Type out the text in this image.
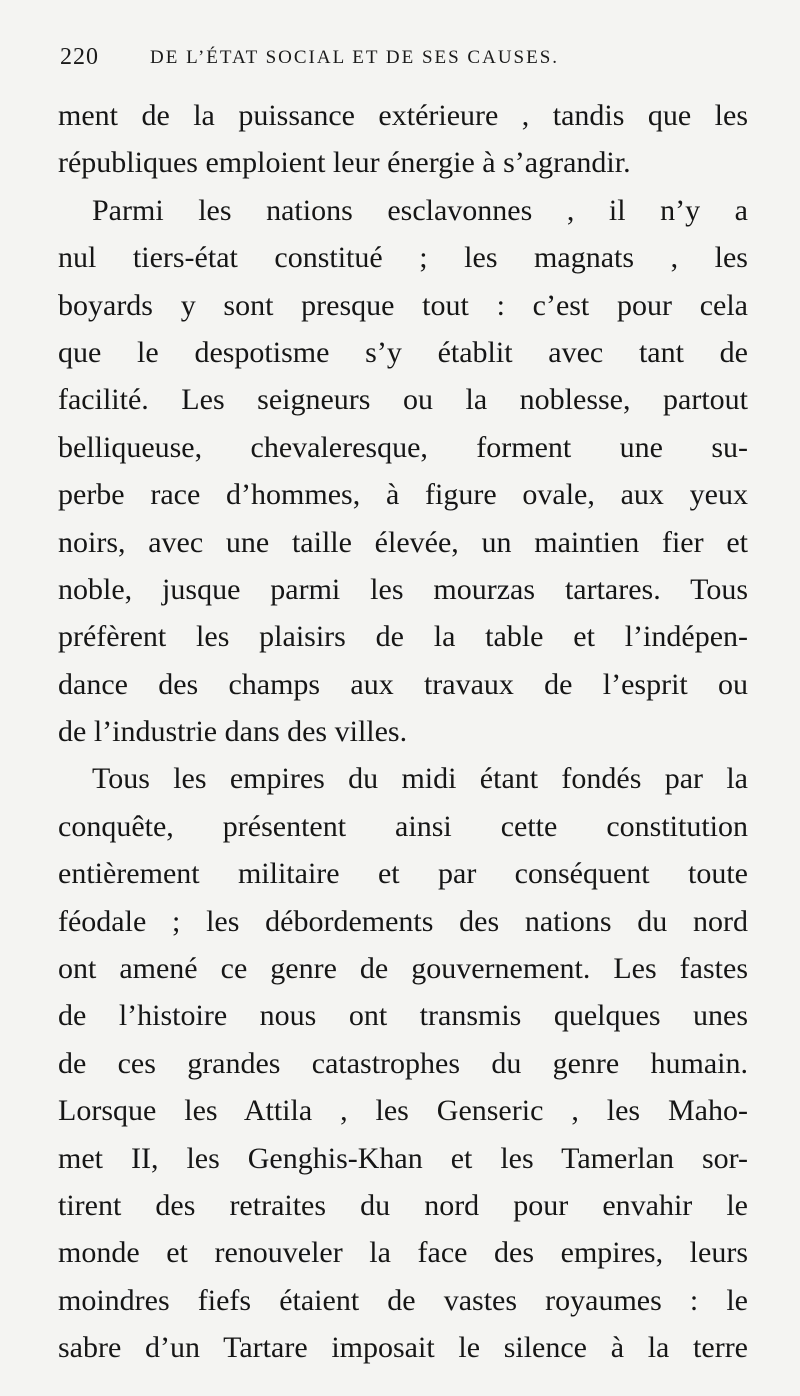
220	DE L’ÉTAT SOCIAL ET DE SES CAUSES.
ment de la puissance extérieure , tandis que les
républiques emploient leur énergie à s’agrandir.
Parmi les nations esclavonnes , il n’y a
nul tiers-état constitué ; les magnats , les
boyards y sont presque tout : c’est pour cela
que le despotisme s’y établit avec tant de
facilité. Les seigneurs ou la noblesse, partout
belliqueuse, chevaleresque, forment une su-
perbe race d’hommes, à figure ovale, aux yeux
noirs, avec une taille élevée, un maintien fier et
noble, jusque parmi les mourzas tartares. Tous
préfèrent les plaisirs de la table et l’indépen-
dance des champs aux travaux de l’esprit ou
de l’industrie dans des villes.
Tous les empires du midi étant fondés par la
conquête, présentent ainsi cette constitution
entièrement militaire et par conséquent toute
féodale ; les débordements des nations du nord
ont amené ce genre de gouvernement. Les fastes
de l’histoire nous ont transmis quelques unes
de ces grandes catastrophes du genre humain.
Lorsque les Attila , les Genseric , les Maho-
met II, les Genghis-Khan et les Tamerlan sor-
tirent des retraites du nord pour envahir le
monde et renouveler la face des empires, leurs
moindres fiefs étaient de vastes royaumes : le
sabre d’un Tartare imposait le silence à la terre
